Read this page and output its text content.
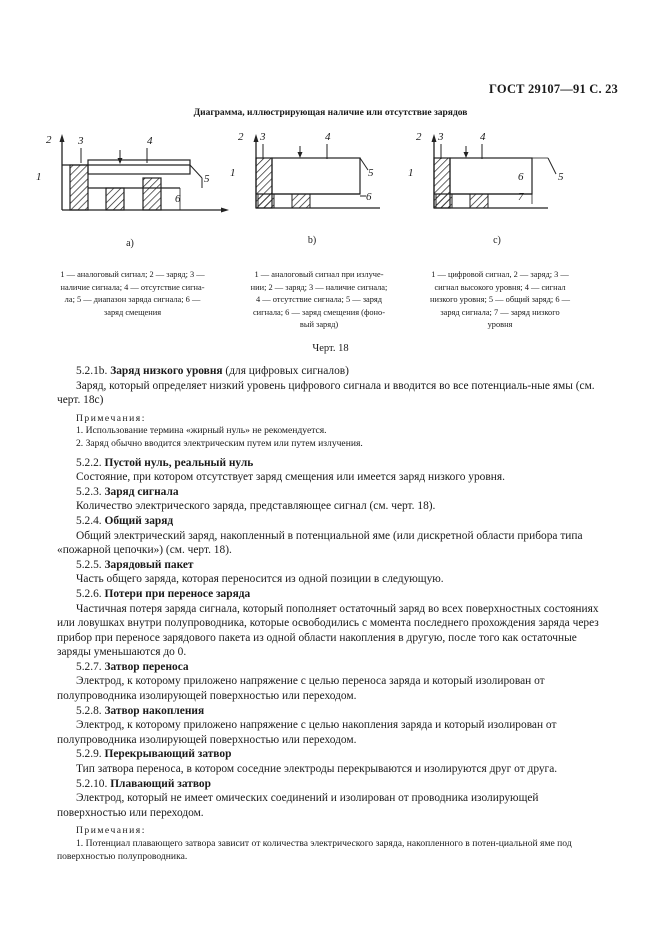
ГОСТ 29107—91 С. 23
Диаграмма, иллюстрирующая наличие или отсутствие зарядов
2
1
3	4
5
6
2
1
3	4
5
6
2
1
3	4
5
6
7
a)	b)	c)
1 — аналоговый сигнал; 2 — заряд; 3 —
наличие сигнала; 4 — отсутствие сигна-
ла; 5 — диапазон заряда сигнала; 6 —
заряд смещения
1 — аналоговый сигнал при излуче-
нии; 2 — заряд; 3 — наличие сигнала;
4 — отсутствие сигнала; 5 — заряд
сигнала; 6 — заряд смещения (фоно-
вый заряд)
1 — цифровой сигнал, 2 — заряд; 3 —
сигнал высокого уровня; 4 — сигнал
низкого уровня; 5 — общий заряд; 6 —
заряд сигнала; 7 — заряд низкого
уровня
Черт. 18

5.2.1b. Заряд низкого уровня (для цифровых сигналов)

Заряд, который определяет низкий уровень цифрового сигнала и вводится во все потенциаль-ные ямы (см. черт. 18с)

Примечания:

1. Использование термина «жирный нуль» не рекомендуется.

2. Заряд обычно вводится электрическим путем или путем излучения.

5.2.2. Пустой нуль, реальный нуль

Состояние, при котором отсутствует заряд смещения или имеется заряд низкого уровня.

5.2.3. Заряд сигнала

Количество электрического заряда, представляющее сигнал (см. черт. 18).

5.2.4. Общий заряд

Общий электрический заряд, накопленный в потенциальной яме (или дискретной области прибора типа «пожарной цепочки») (см. черт. 18).

5.2.5. Зарядовый пакет

Часть общего заряда, которая переносится из одной позиции в следующую.

5.2.6. Потери при переносе заряда

Частичная потеря заряда сигнала, который пополняет остаточный заряд во всех поверхностных состояниях или ловушках внутри полупроводника, которые освободились с момента последнего прохождения заряда через прибор при переносе зарядового пакета из одной области накопления в другую, после того как остаточные заряды уменьшаются до 0.

5.2.7. Затвор переноса

Электрод, к которому приложено напряжение с целью переноса заряда и который изолирован от полупроводника изолирующей поверхностью или переходом.

5.2.8. Затвор накопления

Электрод, к которому приложено напряжение с целью накопления заряда и который изолирован от полупроводника изолирующей поверхностью или переходом.

5.2.9. Перекрывающий затвор

Тип затвора переноса, в котором соседние электроды перекрываются и изолируются друг от друга.

5.2.10. Плавающий затвор

Электрод, который не имеет омических соединений и изолирован от проводника изолирующей поверхностью или переходом.

Примечания:

1. Потенциал плавающего затвора зависит от количества электрического заряда, накопленного в потен-циальной яме под поверхностью полупроводника.
